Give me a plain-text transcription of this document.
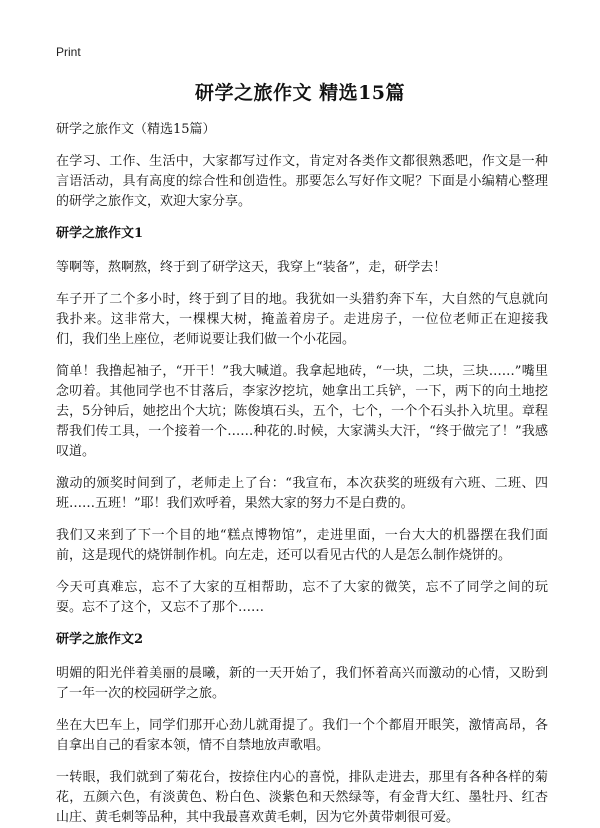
Print
研学之旅作文 精选15篇

研学之旅作文（精选15篇）

在学习、工作、生活中，大家都写过作文，肯定对各类作文都很熟悉吧，作文是一种言语活动，具有高度的综合性和创造性。那要怎么写好作文呢？下面是小编精心整理的研学之旅作文，欢迎大家分享。

研学之旅作文1

等啊等，熬啊熬，终于到了研学这天，我穿上“装备”，走，研学去！

车子开了二个多小时，终于到了目的地。我犹如一头猎豹奔下车，大自然的气息就向我扑来。这非常大，一棵棵大树，掩盖着房子。走进房子，一位位老师正在迎接我们，我们坐上座位，老师说要让我们做一个小花园。

简单！我撸起袖子，“开干！”我大喊道。我拿起地砖，“一块，二块，三块……”嘴里念叨着。其他同学也不甘落后，李家汐挖坑，她拿出工兵铲，一下，两下的向土地挖去，5分钟后，她挖出个大坑；陈俊填石头，五个，七个，一个个石头扑入坑里。章程帮我们传工具，一个接着一个……种花的.时候，大家满头大汗，“终于做完了！”我感叹道。

激动的颁奖时间到了，老师走上了台：“我宣布，本次获奖的班级有六班、二班、四班……五班！”耶！我们欢呼着，果然大家的努力不是白费的。

我们又来到了下一个目的地“糕点博物馆”，走进里面，一台大大的机器摆在我们面前，这是现代的烧饼制作机。向左走，还可以看见古代的人是怎么制作烧饼的。

今天可真难忘，忘不了大家的互相帮助，忘不了大家的微笑，忘不了同学之间的玩耍。忘不了这个，又忘不了那个……

研学之旅作文2

明媚的阳光伴着美丽的晨曦，新的一天开始了，我们怀着高兴而激动的心情，又盼到了一年一次的校园研学之旅。

坐在大巴车上，同学们那开心劲儿就甭提了。我们一个个都眉开眼笑，激情高昂，各自拿出自己的看家本领，情不自禁地放声歌唱。

一转眼，我们就到了菊花台，按捺住内心的喜悦，排队走进去，那里有各种各样的菊花，五颜六色，有淡黄色、粉白色、淡紫色和天然绿等，有金背大红、墨牡丹、红杏山庄、黄毛刺等品种，其中我最喜欢黄毛刺，因为它外黄带刺很可爱。
